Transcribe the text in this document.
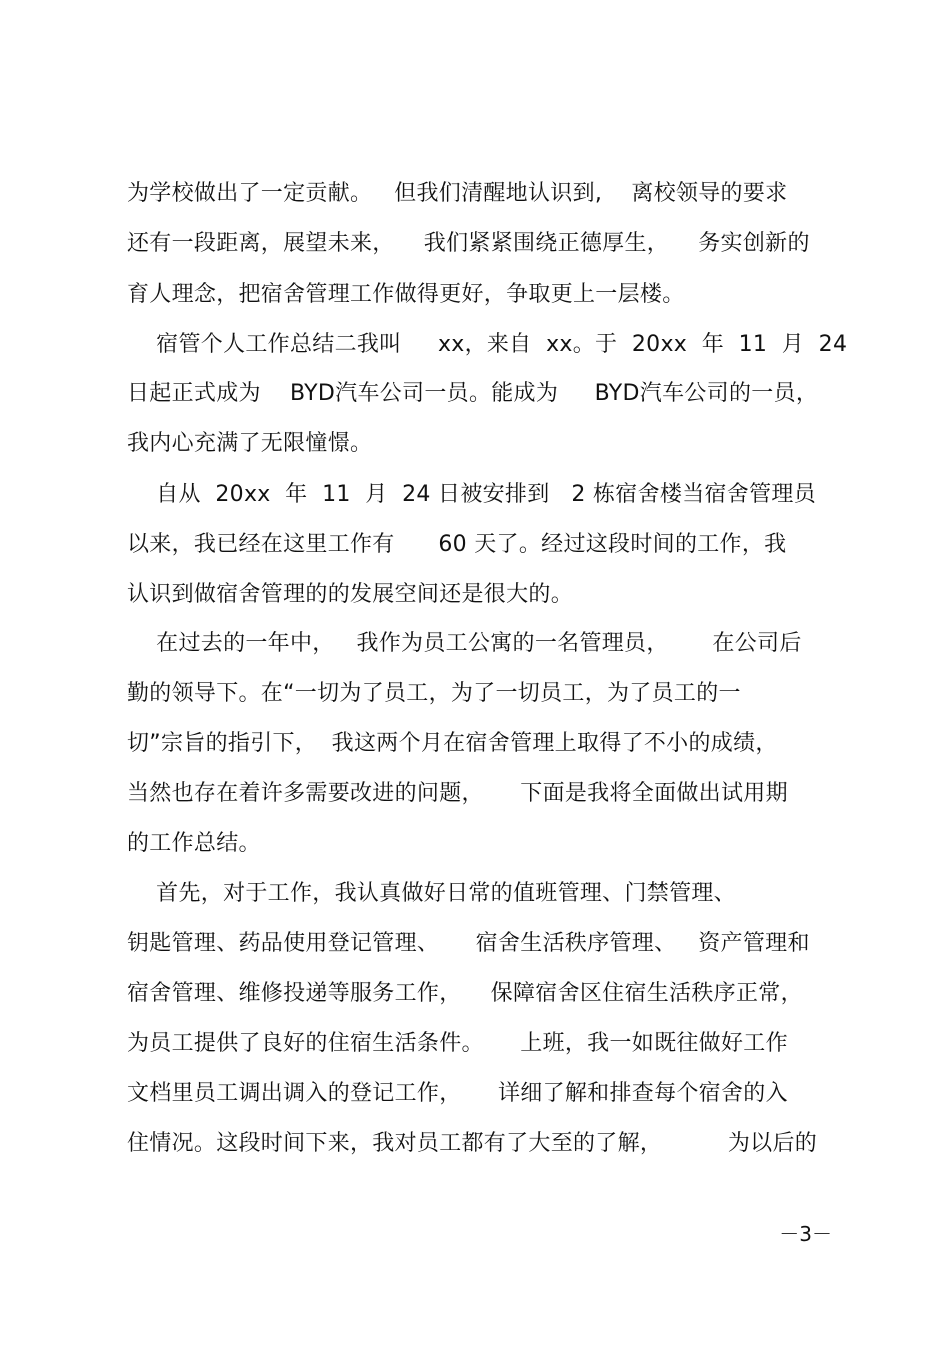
为学校做出了一定贡献。   但我们清醒地认识到,    离校领导的要求
还有一段距离，展望未来，    我们紧紧围绕正德厚生，    务实创新的
育人理念，把宿舍管理工作做得更好，争取更上一层楼。
宿管个人工作总结二我叫     xx，来自  xx。于  20xx  年  11  月  24
日起正式成为    BYD汽车公司一员。能成为     BYD汽车公司的一员，
我内心充满了无限憧憬。
自从  20xx  年  11  月  24 日被安排到   2 栋宿舍楼当宿舍管理员
以来，我已经在这里工作有      60 天了。经过这段时间的工作，我
认识到做宿舍管理的的发展空间还是很大的。
在过去的一年中，   我作为员工公寓的一名管理员，      在公司后
勤的领导下。在“一切为了员工，为了一切员工，为了员工的一
切”宗旨的指引下，  我这两个月在宿舍管理上取得了不小的成绩，
当然也存在着许多需要改进的问题，     下面是我将全面做出试用期
的工作总结。
首先，对于工作，我认真做好日常的值班管理、门禁管理、
钥匙管理、药品使用登记管理、     宿舍生活秩序管理、   资产管理和
宿舍管理、维修投递等服务工作，    保障宿舍区住宿生活秩序正常，
为员工提供了良好的住宿生活条件。     上班，我一如既往做好工作
文档里员工调出调入的登记工作，     详细了解和排查每个宿舍的入
住情况。这段时间下来，我对员工都有了大至的了解，         为以后的
－3－
